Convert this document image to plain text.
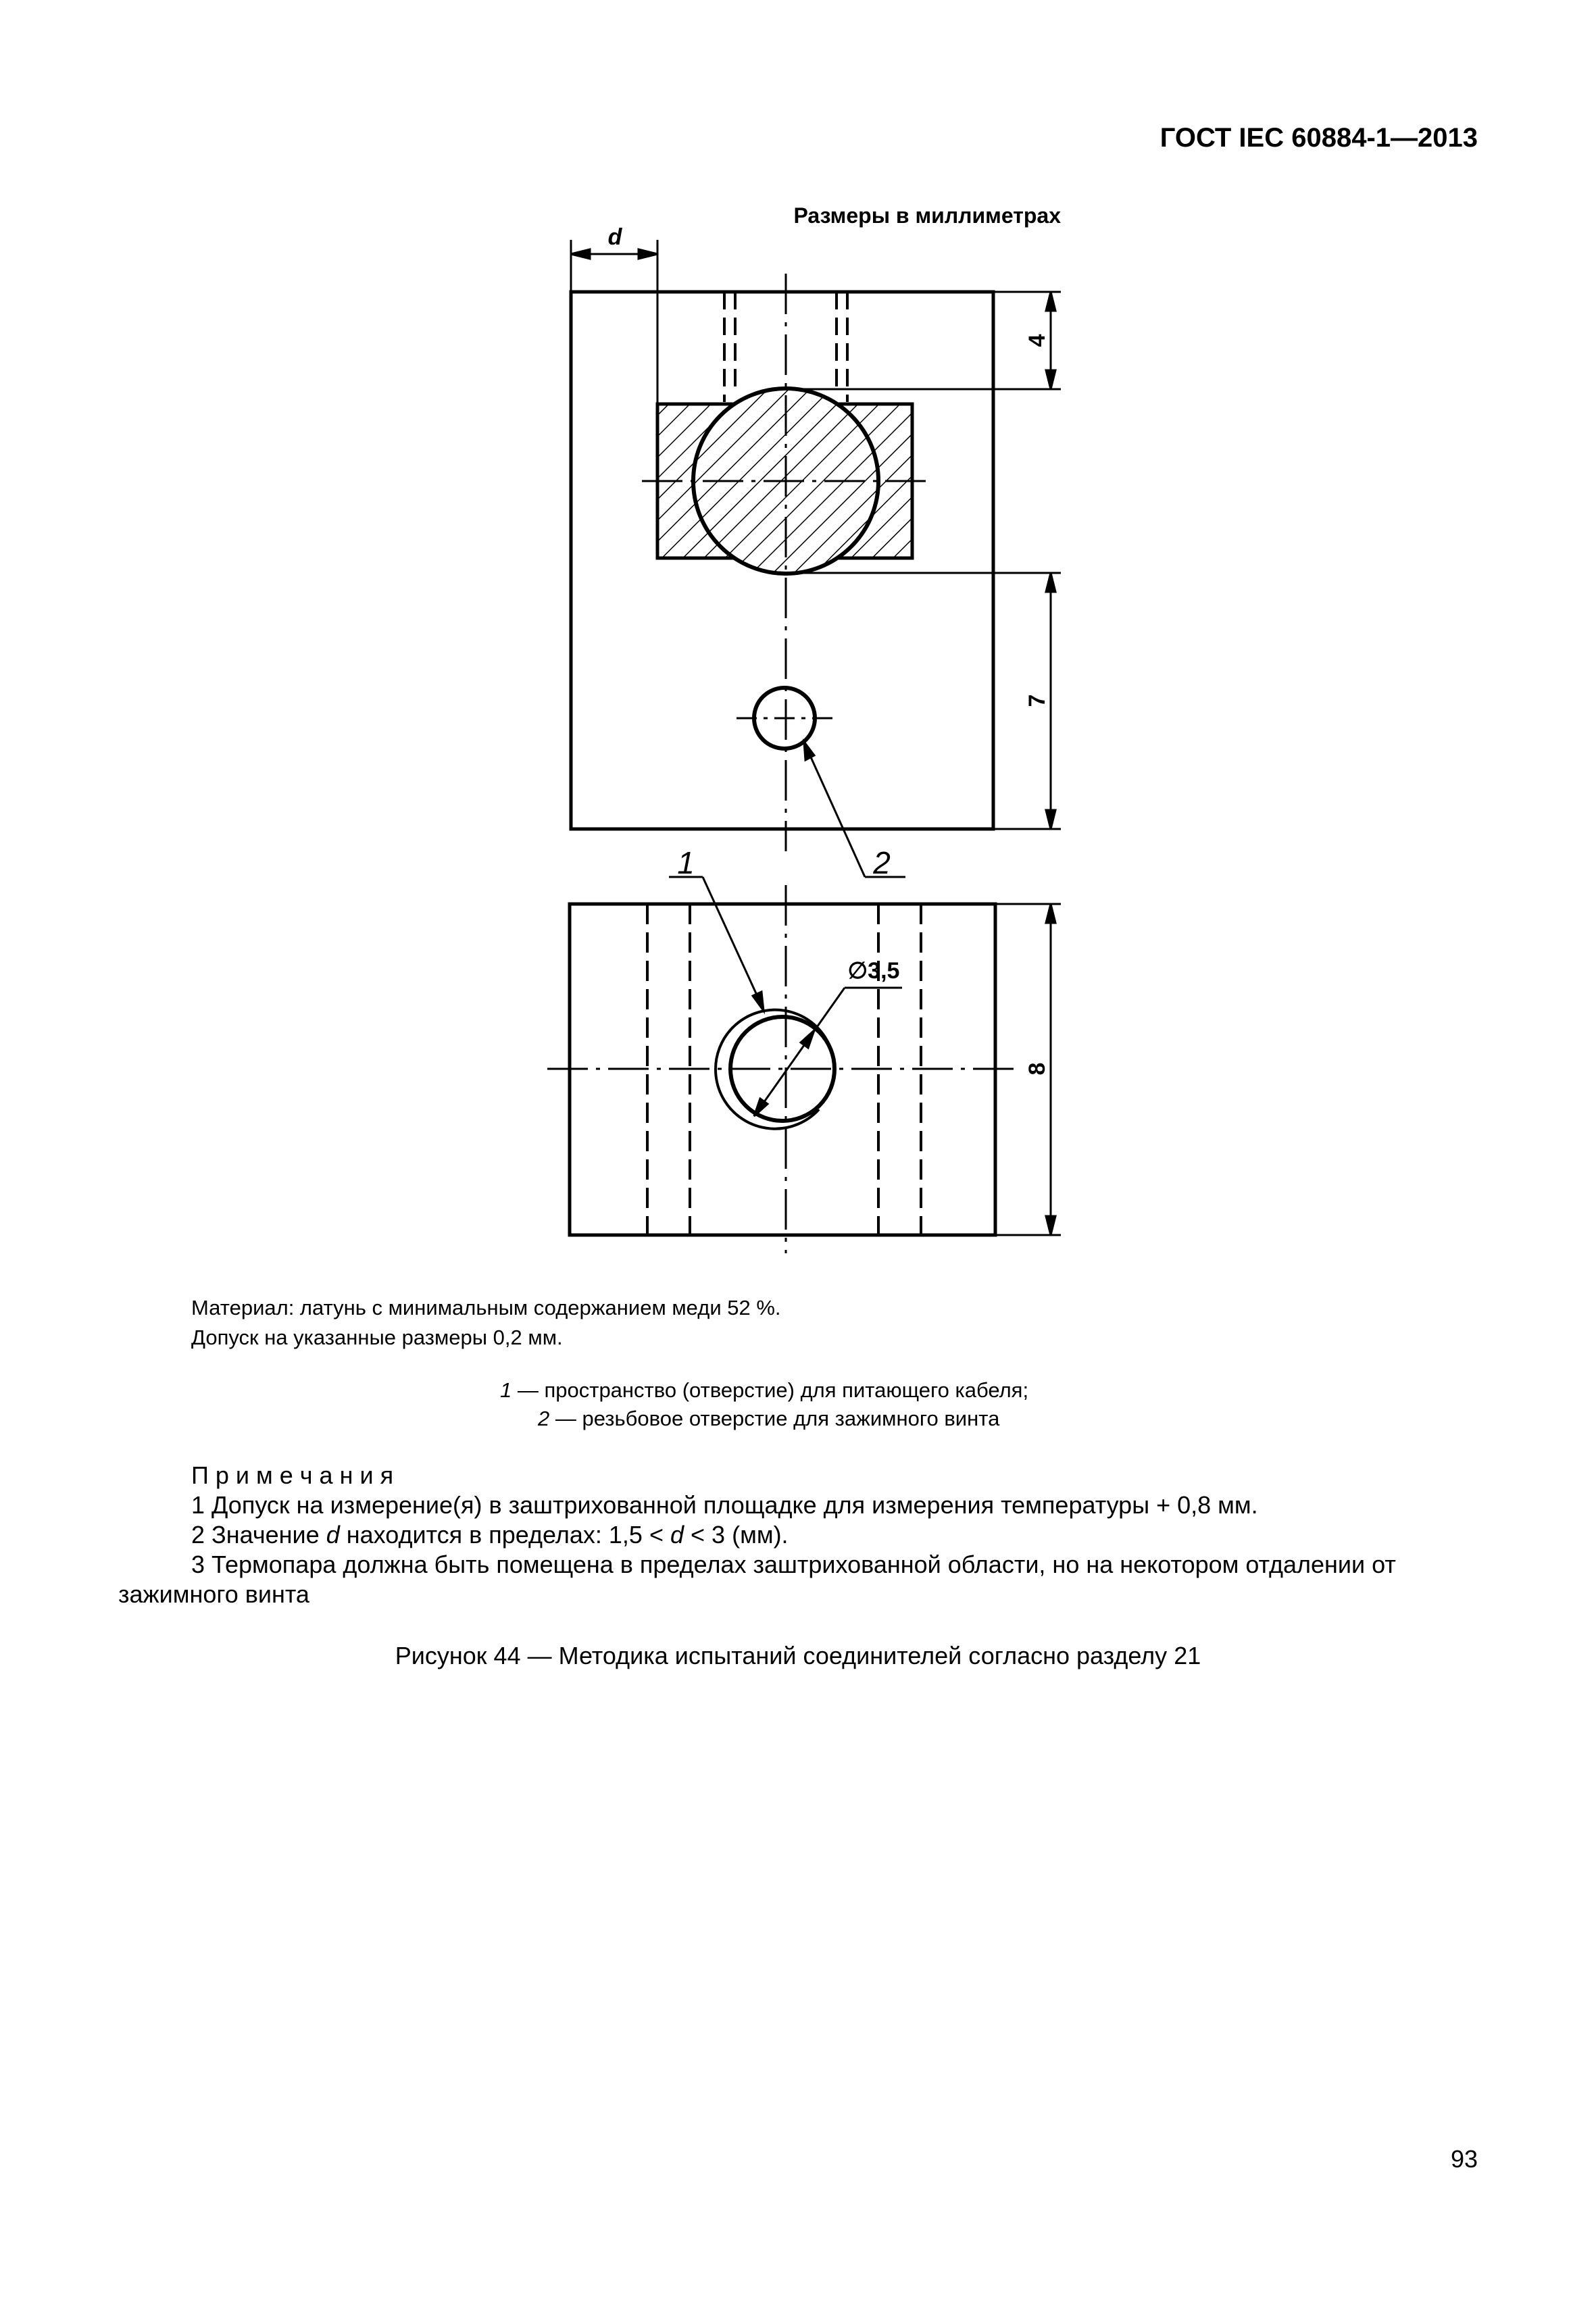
ГОСТ IEC 60884-1—2013
Размеры в миллиметрах
d
4
7
2
∅3,5
1
8
Материал: латунь с минимальным содержанием меди 52 %.
Допуск на указанные размеры 0,2 мм.
1 — пространство (отверстие) для питающего кабеля;
2 — резьбовое отверстие для зажимного винта
П р и м е ч а н и я
1 Допуск на измерение(я) в заштрихованной площадке для измерения температуры + 0,8 мм.
2 Значение d находится в пределах: 1,5 < d < 3 (мм).
3 Термопара должна быть помещена в пределах заштрихованной области, но на некотором отдалении от
зажимного винта
Рисунок 44 — Методика испытаний соединителей согласно разделу 21
93
